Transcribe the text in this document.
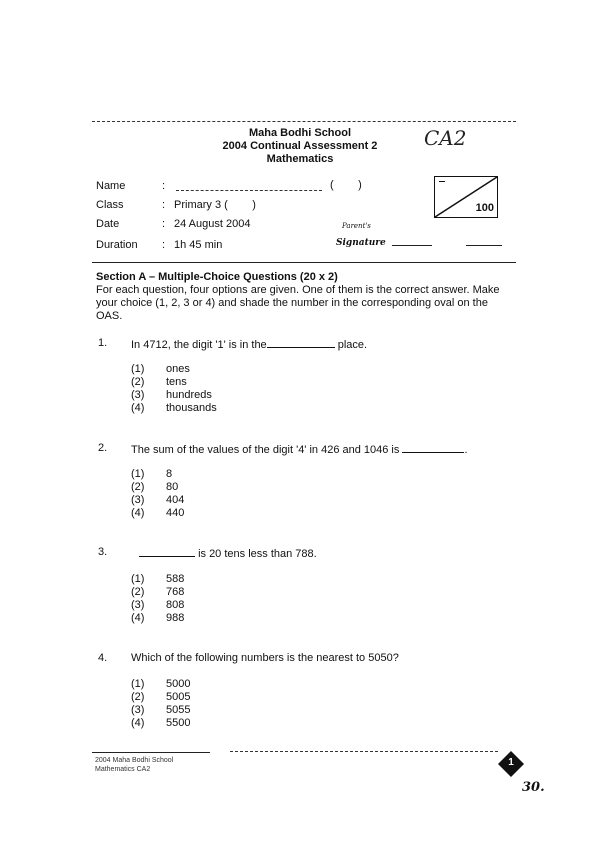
Maha Bodhi School
2004 Continual Assessment 2
Mathematics
CA2
Name	:	(        )
Class	: Primary 3 (        )
Date	: 24 August 2004
Duration : 1h 45 min
Parent's
Signature
100
Section A – Multiple-Choice Questions (20 x 2)
For each question, four options are given. One of them is the correct answer. Make your choice (1, 2, 3 or 4) and shade the number in the corresponding oval on the OAS.
1. In 4712, the digit '1' is in the	place.
(1) ones
(2) tens
(3) hundreds
(4) thousands
2. The sum of the values of the digit '4' in 426 and 1046 is	.
(1) 8
(2) 80
(3) 404
(4) 440
3.	is 20 tens less than 788.
(1) 588
(2) 768
(3) 808
(4) 988
4. Which of the following numbers is the nearest to 5050?
(1) 5000
(2) 5005
(3) 5055
(4) 5500
2004 Maha Bodhi School
Mathematics CA2
1
30.
